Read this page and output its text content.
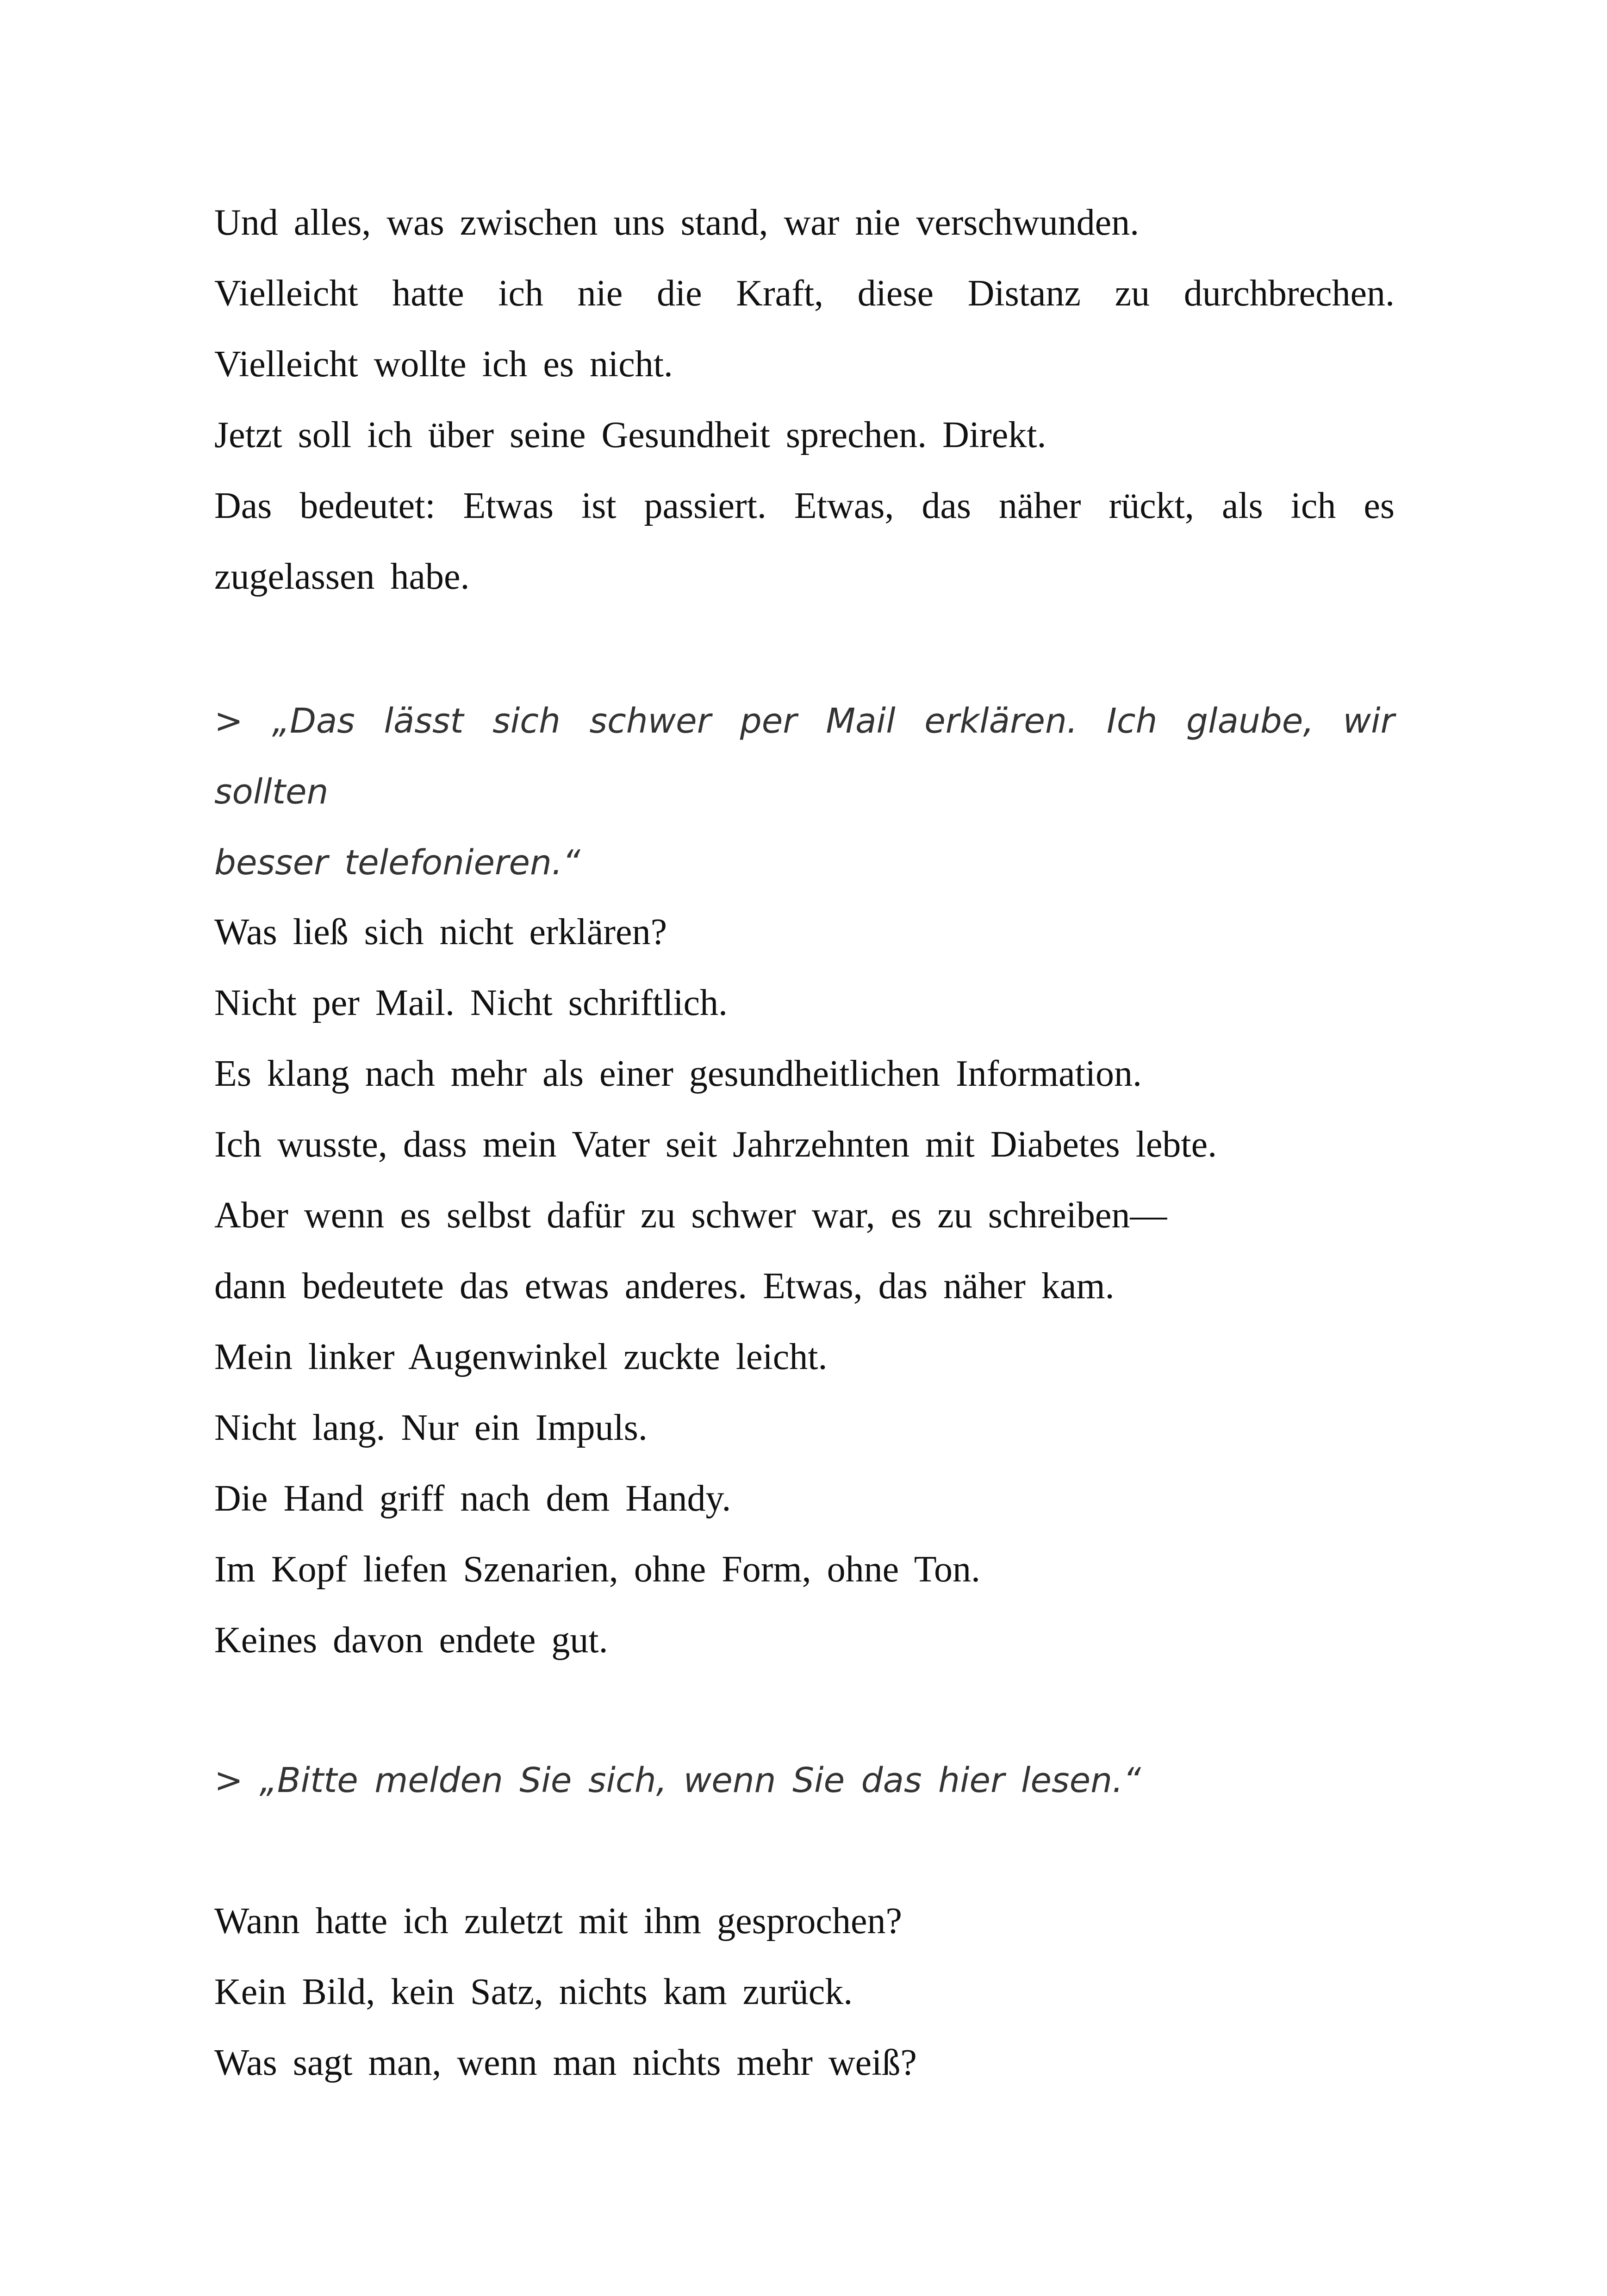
Und alles, was zwischen uns stand, war nie verschwunden.
Vielleicht hatte ich nie die Kraft, diese Distanz zu durchbrechen.
Vielleicht wollte ich es nicht.
Jetzt soll ich über seine Gesundheit sprechen. Direkt.
Das bedeutet: Etwas ist passiert. Etwas, das näher rückt, als ich es
zugelassen habe.
> „Das lässt sich schwer per Mail erklären. Ich glaube, wir sollten
besser telefonieren.“
Was ließ sich nicht erklären?
Nicht per Mail. Nicht schriftlich.
Es klang nach mehr als einer gesundheitlichen Information.
Ich wusste, dass mein Vater seit Jahrzehnten mit Diabetes lebte.
Aber wenn es selbst dafür zu schwer war, es zu schreiben—
dann bedeutete das etwas anderes. Etwas, das näher kam.
Mein linker Augenwinkel zuckte leicht.
Nicht lang. Nur ein Impuls.
Die Hand griff nach dem Handy.
Im Kopf liefen Szenarien, ohne Form, ohne Ton.
Keines davon endete gut.
> „Bitte melden Sie sich, wenn Sie das hier lesen.“
Wann hatte ich zuletzt mit ihm gesprochen?
Kein Bild, kein Satz, nichts kam zurück.
Was sagt man, wenn man nichts mehr weiß?
